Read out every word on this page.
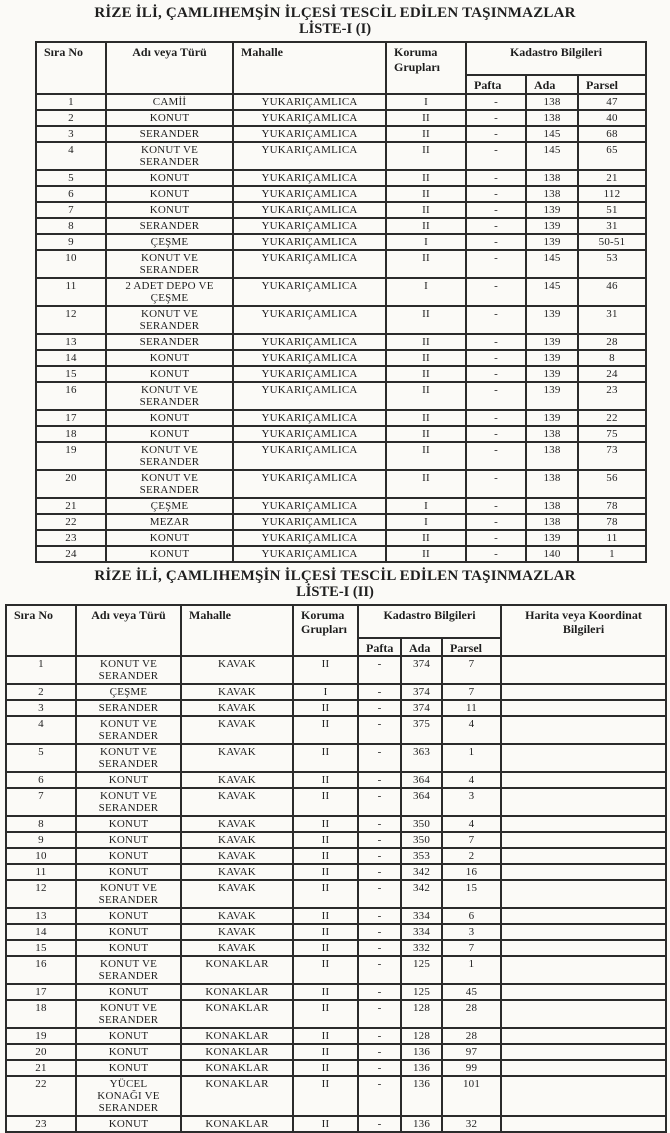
RİZE İLİ, ÇAMLIHEMŞİN İLÇESİ TESCİL EDİLEN TAŞINMAZLAR
LİSTE-I (I)
Sıra No	Adı veya Türü	Mahalle	Koruma Grupları	Kadastro Bilgileri		
				Pafta	Ada	Parsel
1	CAMİİ	YUKARIÇAMLICA	I	-	138	47
2	KONUT	YUKARIÇAMLICA	II	-	138	40
3	SERANDER	YUKARIÇAMLICA	II	-	145	68
4	KONUT VE SERANDER	YUKARIÇAMLICA	II	-	145	65
5	KONUT	YUKARIÇAMLICA	II	-	138	21
6	KONUT	YUKARIÇAMLICA	II	-	138	112
7	KONUT	YUKARIÇAMLICA	II	-	139	51
8	SERANDER	YUKARIÇAMLICA	II	-	139	31
9	ÇEŞME	YUKARIÇAMLICA	I	-	139	50-51
10	KONUT VE SERANDER	YUKARIÇAMLICA	II	-	145	53
11	2 ADET DEPO VE ÇEŞME	YUKARIÇAMLICA	I	-	145	46
12	KONUT VE SERANDER	YUKARIÇAMLICA	II	-	139	31
13	SERANDER	YUKARIÇAMLICA	II	-	139	28
14	KONUT	YUKARIÇAMLICA	II	-	139	8
15	KONUT	YUKARIÇAMLICA	II	-	139	24
16	KONUT VE SERANDER	YUKARIÇAMLICA	II	-	139	23
17	KONUT	YUKARIÇAMLICA	II	-	139	22
18	KONUT	YUKARIÇAMLICA	II	-	138	75
19	KONUT VE SERANDER	YUKARIÇAMLICA	II	-	138	73
20	KONUT VE SERANDER	YUKARIÇAMLICA	II	-	138	56
21	ÇEŞME	YUKARIÇAMLICA	I	-	138	78
22	MEZAR	YUKARIÇAMLICA	I	-	138	78
23	KONUT	YUKARIÇAMLICA	II	-	139	11
24	KONUT	YUKARIÇAMLICA	II	-	140	1
RİZE İLİ, ÇAMLIHEMŞİN İLÇESİ TESCİL EDİLEN TAŞINMAZLAR
LİSTE-I (II)
Sıra No	Adı veya Türü	Mahalle	Koruma Grupları	Kadastro Bilgileri			Harita veya Koordinat Bilgileri
				Pafta	Ada	Parsel	
1	KONUT VE SERANDER	KAVAK	II	-	374	7	
2	ÇEŞME	KAVAK	I	-	374	7	
3	SERANDER	KAVAK	II	-	374	11	
4	KONUT VE SERANDER	KAVAK	II	-	375	4	
5	KONUT VE SERANDER	KAVAK	II	-	363	1	
6	KONUT	KAVAK	II	-	364	4	
7	KONUT VE SERANDER	KAVAK	II	-	364	3	
8	KONUT	KAVAK	II	-	350	4	
9	KONUT	KAVAK	II	-	350	7	
10	KONUT	KAVAK	II	-	353	2	
11	KONUT	KAVAK	II	-	342	16	
12	KONUT VE SERANDER	KAVAK	II	-	342	15	
13	KONUT	KAVAK	II	-	334	6	
14	KONUT	KAVAK	II	-	334	3	
15	KONUT	KAVAK	II	-	332	7	
16	KONUT VE SERANDER	KONAKLAR	II	-	125	1	
17	KONUT	KONAKLAR	II	-	125	45	
18	KONUT VE SERANDER	KONAKLAR	II	-	128	28	
19	KONUT	KONAKLAR	II	-	128	28	
20	KONUT	KONAKLAR	II	-	136	97	
21	KONUT	KONAKLAR	II	-	136	99	
22	YÜCEL KONAĞI VE SERANDER	KONAKLAR	II	-	136	101	
23	KONUT	KONAKLAR	II	-	136	32	
